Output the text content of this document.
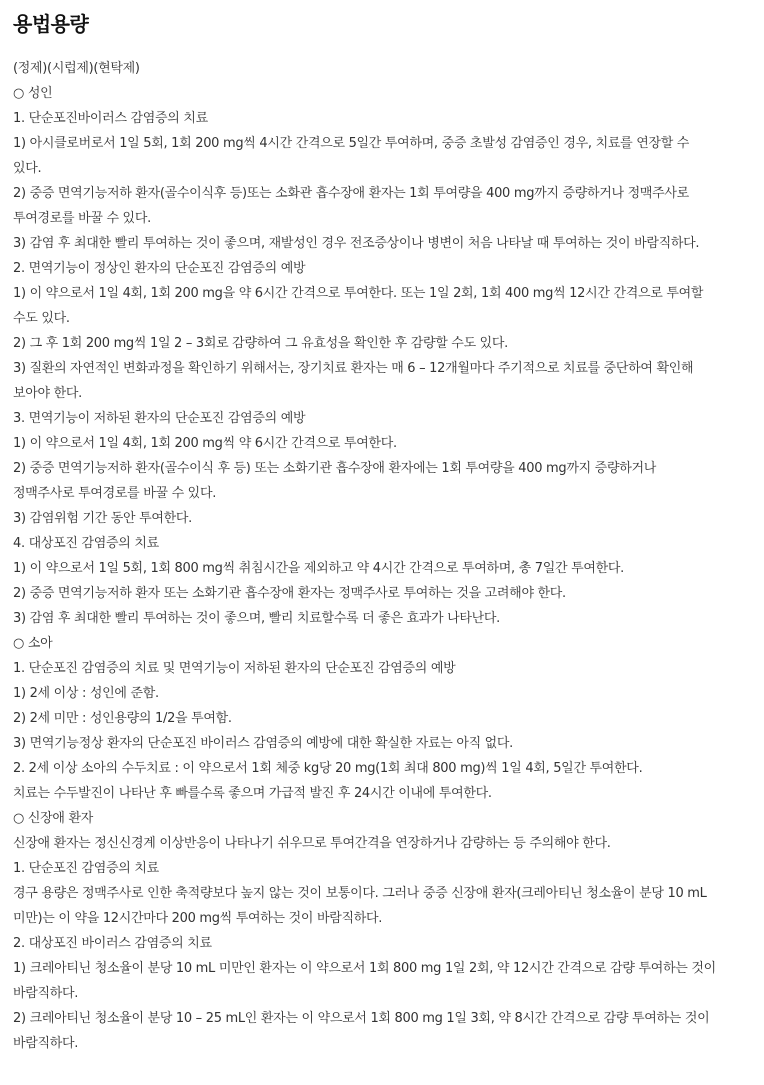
용법용량

(정제)(시럽제)(현탁제)

○ 성인

1. 단순포진바이러스 감염증의 치료

1) 아시클로버로서 1일 5회, 1회 200 mg씩 4시간 간격으로 5일간 투여하며, 중증 초발성 감염증인 경우, 치료를 연장할 수 있다.

2) 중증 면역기능저하 환자(골수이식후 등)또는 소화관 흡수장애 환자는 1회 투여량을 400 mg까지 증량하거나 정맥주사로 투여경로를 바꿀 수 있다.

3) 감염 후 최대한 빨리 투여하는 것이 좋으며, 재발성인 경우 전조증상이나 병변이 처음 나타날 때 투여하는 것이 바람직하다.

2. 면역기능이 정상인 환자의 단순포진 감염증의 예방

1) 이 약으로서 1일 4회, 1회 200 mg을 약 6시간 간격으로 투여한다. 또는 1일 2회, 1회 400 mg씩 12시간 간격으로 투여할 수도 있다.

2) 그 후 1회 200 mg씩 1일 2 – 3회로 감량하여 그 유효성을 확인한 후 감량할 수도 있다.

3) 질환의 자연적인 변화과정을 확인하기 위해서는, 장기치료 환자는 매 6 – 12개월마다 주기적으로 치료를 중단하여 확인해 보아야 한다.

3. 면역기능이 저하된 환자의 단순포진 감염증의 예방

1) 이 약으로서 1일 4회, 1회 200 mg씩 약 6시간 간격으로 투여한다.

2) 중증 면역기능저하 환자(골수이식 후 등) 또는 소화기관 흡수장애 환자에는 1회 투여량을 400 mg까지 증량하거나 정맥주사로 투여경로를 바꿀 수 있다.

3) 감염위험 기간 동안 투여한다.

4. 대상포진 감염증의 치료

1) 이 약으로서 1일 5회, 1회 800 mg씩 취침시간을 제외하고 약 4시간 간격으로 투여하며, 총 7일간 투여한다.

2) 중증 면역기능저하 환자 또는 소화기관 흡수장애 환자는 정맥주사로 투여하는 것을 고려해야 한다.

3) 감염 후 최대한 빨리 투여하는 것이 좋으며, 빨리 치료할수록 더 좋은 효과가 나타난다.

○ 소아

1. 단순포진 감염증의 치료 및 면역기능이 저하된 환자의 단순포진 감염증의 예방

1) 2세 이상 : 성인에 준함.

2) 2세 미만 : 성인용량의 1/2을 투여함.

3) 면역기능정상 환자의 단순포진 바이러스 감염증의 예방에 대한 확실한 자료는 아직 없다.

2. 2세 이상 소아의 수두치료 : 이 약으로서 1회 체중 kg당 20 mg(1회 최대 800 mg)씩 1일 4회, 5일간 투여한다.

치료는 수두발진이 나타난 후 빠를수록 좋으며 가급적 발진 후 24시간 이내에 투여한다.

○ 신장애 환자

신장애 환자는 정신신경계 이상반응이 나타나기 쉬우므로 투여간격을 연장하거나 감량하는 등 주의해야 한다.

1. 단순포진 감염증의 치료

경구 용량은 정맥주사로 인한 축적량보다 높지 않는 것이 보통이다. 그러나 중증 신장애 환자(크레아티닌 청소율이 분당 10 mL 미만)는 이 약을 12시간마다 200 mg씩 투여하는 것이 바람직하다.

2. 대상포진 바이러스 감염증의 치료

1) 크레아티닌 청소율이 분당 10 mL 미만인 환자는 이 약으로서 1회 800 mg 1일 2회, 약 12시간 간격으로 감량 투여하는 것이 바람직하다.

2) 크레아티닌 청소율이 분당 10 – 25 mL인 환자는 이 약으로서 1회 800 mg 1일 3회, 약 8시간 간격으로 감량 투여하는 것이 바람직하다.
